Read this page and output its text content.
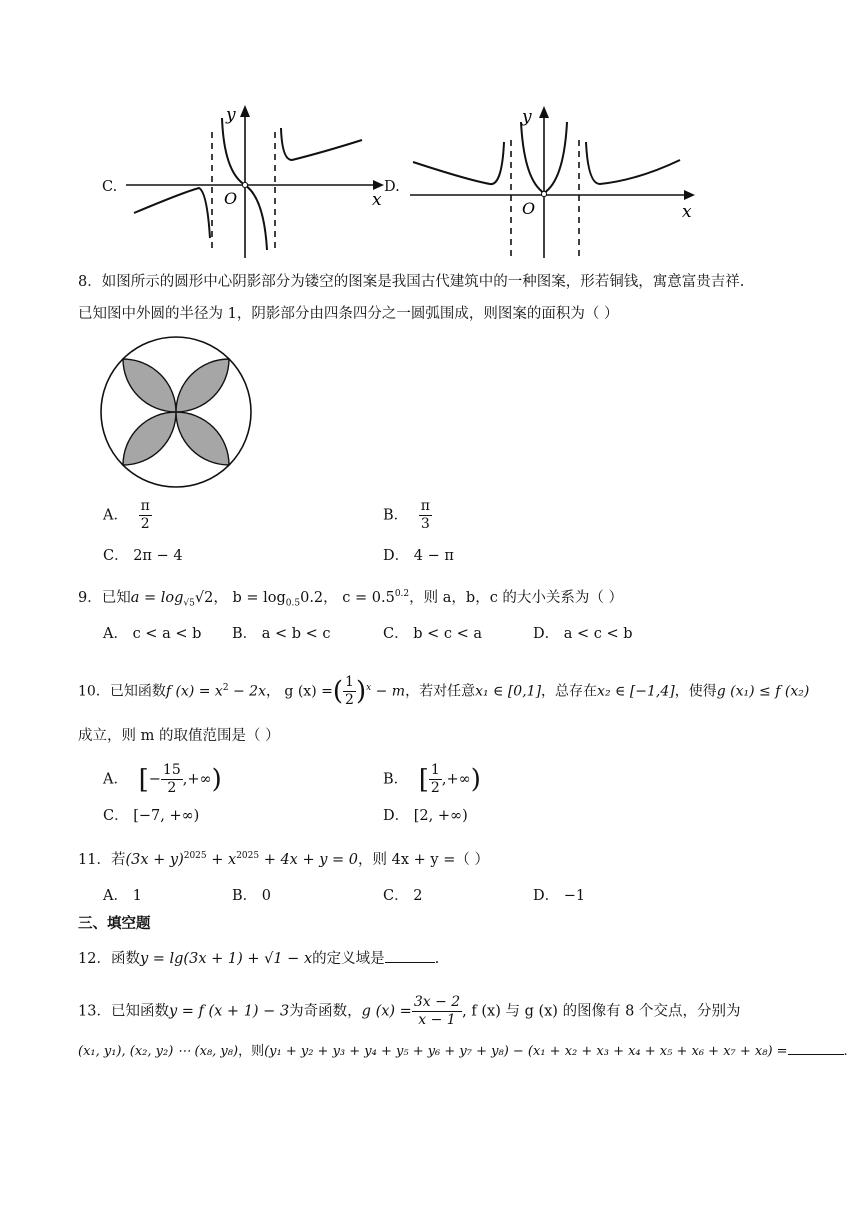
C.
O	x
y
D.
O	x
y
8．如图所示的圆形中心阴影部分为镂空的图案是我国古代建筑中的一种图案，形若铜钱，寓意富贵吉祥.
已知图中外圆的半径为 1，阴影部分由四条四分之一圆弧围成，则图案的面积为（ ）
A． $\frac{\pi}{2}$	B． $\frac{\pi}{3}$
C． 2π − 4	D． 4 − π
9．已知$a = \log_{√5}√2$， $b = \log_{0.5}0.2$， $c = 0.5^{0.2}$，则 a，b，c 的大小关系为（ ）
A． c < a < b B． a < b < c	C． b < c < a	D． a < c < b
10．已知函数f $(x) = x^2 - 2x$， g (x) =( $\frac{1}{2} )^x - m$，若对任意x₁ ∈ [0,1]，总存在x₂ ∈ [−1,4]，使得g (x₁) ≤ f (x₂)
成立，则 m 的取值范围是（ ）
A． [− $\frac{15}{2}$ ,+∞)	B． [ $\frac{1}{2}$ ,+∞)
C． [−7, +∞)	D． [2, +∞)
11．若$(3x + y)^{2025} + x^{2025} + 4x + y = 0$，则 4x + y =（ ）
A． 1	B． 0	C． 2	D． −1
三、填空题
12．函数y = lg(3x + 1) + √1 − x的定义域是	.
13．已知函数y = f (x + 1) − 3为奇函数，g $(x) = \frac{3x - 2}{x - 1}$ , f (x) 与 g (x) 的图像有 8 个交点，分别为
(x₁, y₁), (x₂, y₂) ⋯ (x₈, y₈)，则(y₁ + y₂ + y₃ + y₄ + y₅ + y₆ + y₇ + y₈) − (x₁ + x₂ + x₃ + x₄ + x₅ + x₆ + x₇ + x₈) =	.
